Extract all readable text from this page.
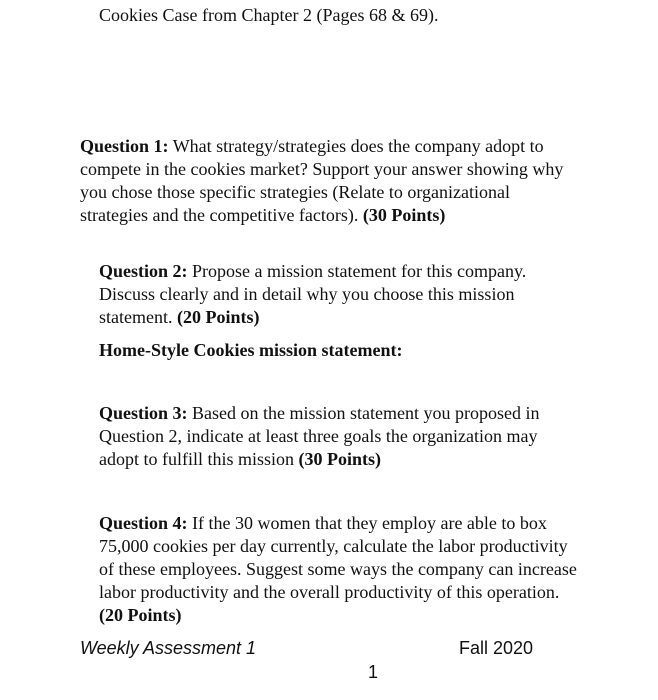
Cookies Case from Chapter 2 (Pages 68 & 69).
Question 1: What strategy/strategies does the company adopt to compete in the cookies market? Support your answer showing why you chose those specific strategies (Relate to organizational strategies and the competitive factors). (30 Points)
Question 2: Propose a mission statement for this company. Discuss clearly and in detail why you choose this mission statement. (20 Points)
Home-Style Cookies mission statement:
Question 3: Based on the mission statement you proposed in Question 2, indicate at least three goals the organization may adopt to fulfill this mission (30 Points)
Question 4: If the 30 women that they employ are able to box 75,000 cookies per day currently, calculate the labor productivity of these employees. Suggest some ways the company can increase labor productivity and the overall productivity of this operation. (20 Points)
Weekly Assessment 1	Fall 2020
1
